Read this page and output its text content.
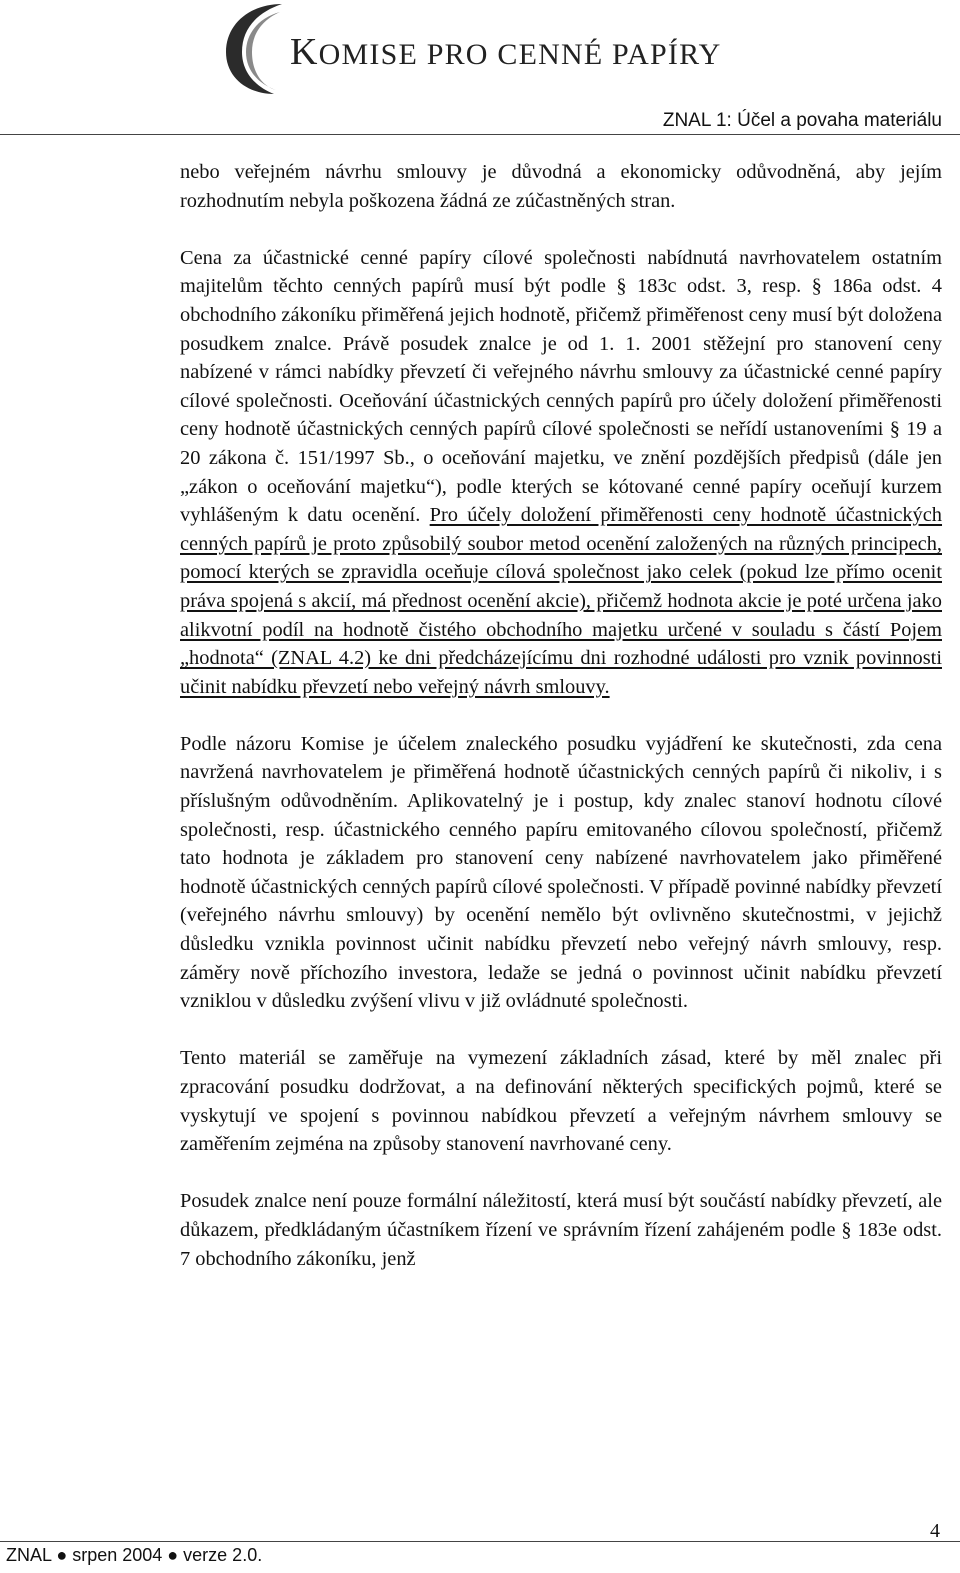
KOMISE PRO CENNÉ PAPÍRY
ZNAL 1: Účel a povaha materiálu

nebo veřejném návrhu smlouvy je důvodná a ekonomicky odůvodněná, aby jejím rozhodnutím nebyla poškozena žádná ze zúčastněných stran.

Cena za účastnické cenné papíry cílové společnosti nabídnutá navrhovatelem ostatním majitelům těchto cenných papírů musí být podle § 183c odst. 3, resp. § 186a odst. 4 obchodního zákoníku přiměřená jejich hodnotě, přičemž přiměřenost ceny musí být doložena posudkem znalce. Právě posudek znalce je od 1. 1. 2001 stěžejní pro stanovení ceny nabízené v rámci nabídky převzetí či veřejného návrhu smlouvy za účastnické cenné papíry cílové společnosti. Oceňování účastnických cenných papírů pro účely doložení přiměřenosti ceny hodnotě účastnických cenných papírů cílové společnosti se neřídí ustanoveními § 19 a 20 zákona č. 151/1997 Sb., o oceňování majetku, ve znění pozdějších předpisů (dále jen „zákon o oceňování majetku“), podle kterých se kótované cenné papíry oceňují kurzem vyhlášeným k datu ocenění. Pro účely doložení přiměřenosti ceny hodnotě účastnických cenných papírů je proto způsobilý soubor metod ocenění založených na různých principech, pomocí kterých se zpravidla oceňuje cílová společnost jako celek (pokud lze přímo ocenit práva spojená s akcií, má přednost ocenění akcie), přičemž hodnota akcie je poté určena jako alikvotní podíl na hodnotě čistého obchodního majetku určené v souladu s částí Pojem „hodnota“ (ZNAL 4.2) ke dni předcházejícímu dni rozhodné události pro vznik povinnosti učinit nabídku převzetí nebo veřejný návrh smlouvy.

Podle názoru Komise je účelem znaleckého posudku vyjádření ke skutečnosti, zda cena navržená navrhovatelem je přiměřená hodnotě účastnických cenných papírů či nikoliv, i s příslušným odůvodněním. Aplikovatelný je i postup, kdy znalec stanoví hodnotu cílové společnosti, resp. účastnického cenného papíru emitovaného cílovou společností, přičemž tato hodnota je základem pro stanovení ceny nabízené navrhovatelem jako přiměřené hodnotě účastnických cenných papírů cílové společnosti. V případě povinné nabídky převzetí (veřejného návrhu smlouvy) by ocenění nemělo být ovlivněno skutečnostmi, v jejichž důsledku vznikla povinnost učinit nabídku převzetí nebo veřejný návrh smlouvy, resp. záměry nově příchozího investora, ledaže se jedná o povinnost učinit nabídku převzetí vzniklou v důsledku zvýšení vlivu v již ovládnuté společnosti.

Tento materiál se zaměřuje na vymezení základních zásad, které by měl znalec při zpracování posudku dodržovat, a na definování některých specifických pojmů, které se vyskytují ve spojení s povinnou nabídkou převzetí a veřejným návrhem smlouvy se zaměřením zejména na způsoby stanovení navrhované ceny.

Posudek znalce není pouze formální náležitostí, která musí být součástí nabídky převzetí, ale důkazem, předkládaným účastníkem řízení ve správním řízení zahájeném podle § 183e odst. 7 obchodního zákoníku, jenž

4
ZNAL ● srpen 2004 ● verze 2.0.
